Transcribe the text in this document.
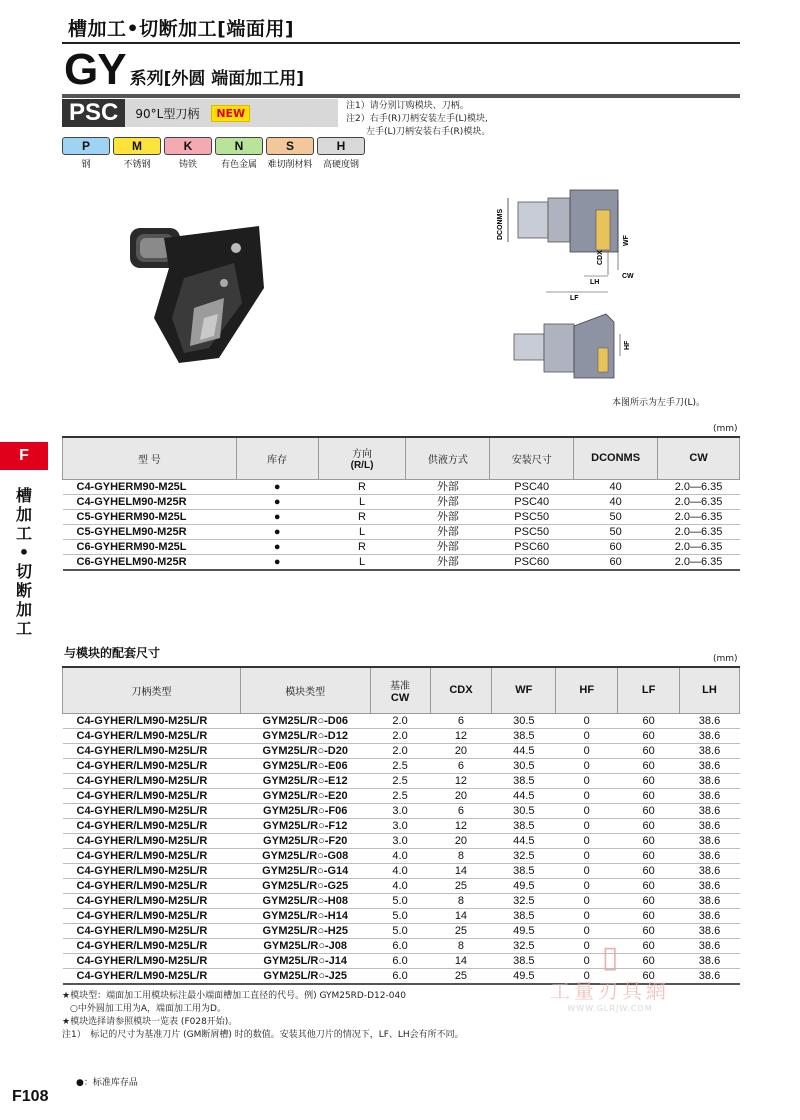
槽加工•切断加工[端面用]
GY 系列[外圆 端面加工用]
PSC	90°L型刀柄	NEW
注1）请分别订购模块、刀柄。
注2）右手(R)刀柄安装左手(L)模块,
左手(L)刀柄安装右手(R)模块。
P
钢
M
不锈钢
K
铸铁
N
有色金属
S
难切削材料
H
高硬度钢
DCONMS
CDX
WF
LH
CW
LF
HF
本图所示为左手刀(L)。
F
槽加工•切断加工
(mm)
型 号	库存	方向
(R/L)	供液方式	安装尺寸	DCONMS	CW
C4-GYHERM90-M25L	●	R	外部	PSC40	40	2.0—6.35
C4-GYHELM90-M25R	●	L	外部	PSC40	40	2.0—6.35
C5-GYHERM90-M25L	●	R	外部	PSC50	50	2.0—6.35
C5-GYHELM90-M25R	●	L	外部	PSC50	50	2.0—6.35
C6-GYHERM90-M25L	●	R	外部	PSC60	60	2.0—6.35
C6-GYHELM90-M25R	●	L	外部	PSC60	60	2.0—6.35
与模块的配套尺寸	(mm)
刀柄类型	模块类型	基准
CW	CDX	WF	HF	LF	LH
C4-GYHER/LM90-M25L/R	GYM25L/R○-D06	2.0	6	30.5	0	60	38.6
C4-GYHER/LM90-M25L/R	GYM25L/R○-D12	2.0	12	38.5	0	60	38.6
C4-GYHER/LM90-M25L/R	GYM25L/R○-D20	2.0	20	44.5	0	60	38.6
C4-GYHER/LM90-M25L/R	GYM25L/R○-E06	2.5	6	30.5	0	60	38.6
C4-GYHER/LM90-M25L/R	GYM25L/R○-E12	2.5	12	38.5	0	60	38.6
C4-GYHER/LM90-M25L/R	GYM25L/R○-E20	2.5	20	44.5	0	60	38.6
C4-GYHER/LM90-M25L/R	GYM25L/R○-F06	3.0	6	30.5	0	60	38.6
C4-GYHER/LM90-M25L/R	GYM25L/R○-F12	3.0	12	38.5	0	60	38.6
C4-GYHER/LM90-M25L/R	GYM25L/R○-F20	3.0	20	44.5	0	60	38.6
C4-GYHER/LM90-M25L/R	GYM25L/R○-G08	4.0	8	32.5	0	60	38.6
C4-GYHER/LM90-M25L/R	GYM25L/R○-G14	4.0	14	38.5	0	60	38.6
C4-GYHER/LM90-M25L/R	GYM25L/R○-G25	4.0	25	49.5	0	60	38.6
C4-GYHER/LM90-M25L/R	GYM25L/R○-H08	5.0	8	32.5	0	60	38.6
C4-GYHER/LM90-M25L/R	GYM25L/R○-H14	5.0	14	38.5	0	60	38.6
C4-GYHER/LM90-M25L/R	GYM25L/R○-H25	5.0	25	49.5	0	60	38.6
C4-GYHER/LM90-M25L/R	GYM25L/R○-J08	6.0	8	32.5	0	60	38.6
C4-GYHER/LM90-M25L/R	GYM25L/R○-J14	6.0	14	38.5	0	60	38.6
C4-GYHER/LM90-M25L/R	GYM25L/R○-J25	6.0	25	49.5	0	60	38.6
▯
工量刃具網
WWW.GLRJW.COM
★模块型：端面加工用模块标注最小端面槽加工直径的代号。例) GYM25RD-D12-040
○中外圆加工用为A，端面加工用为D。
★模块选择请参照模块一览表 (F028开始)。
注1）　标记的尺寸为基准刀片 (GM断屑槽) 时的数值。安装其他刀片的情况下，LF、LH会有所不同。
●：标准库存品
F108
